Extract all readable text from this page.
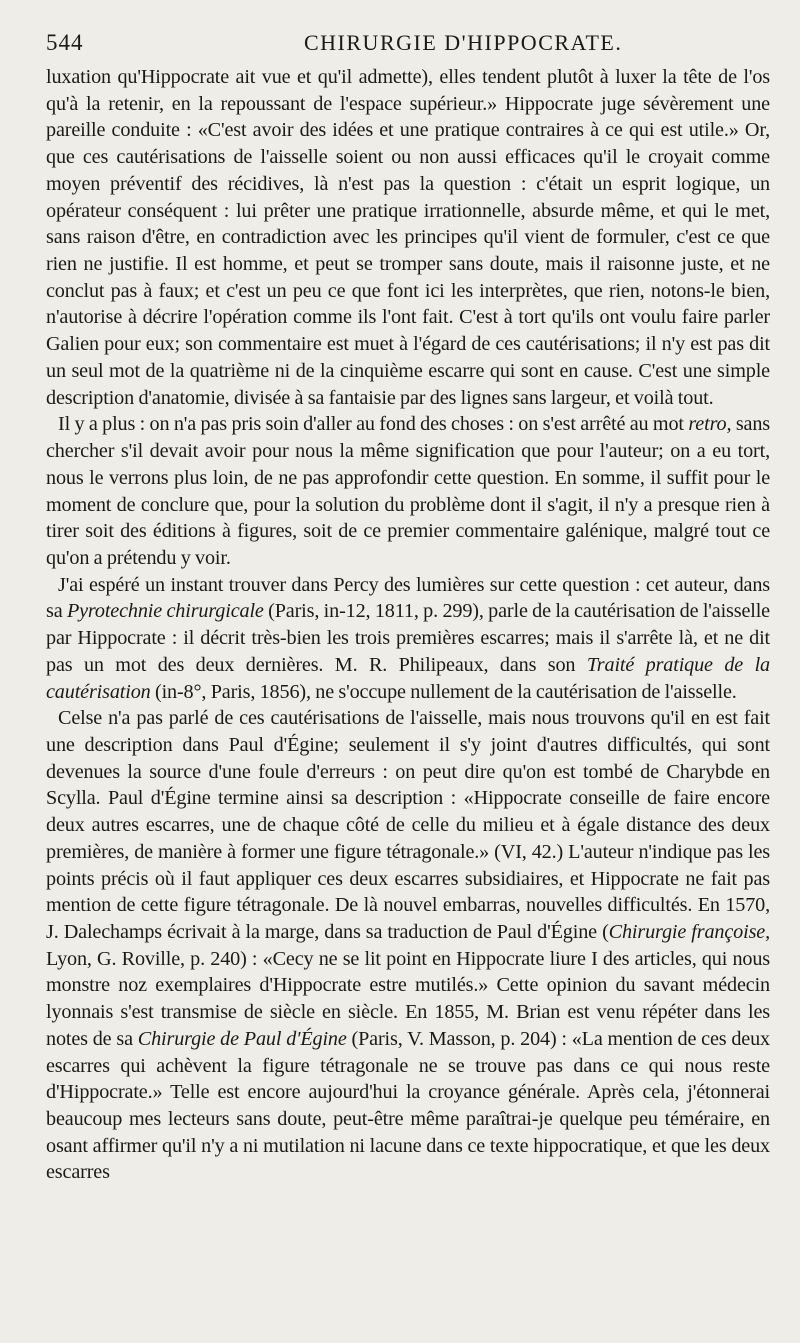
544	CHIRURGIE D'HIPPOCRATE.

luxation qu'Hippocrate ait vue et qu'il admette), elles tendent plutôt à luxer la tête de l'os qu'à la retenir, en la repoussant de l'espace supérieur.» Hippocrate juge sévèrement une pareille conduite : «C'est avoir des idées et une pratique contraires à ce qui est utile.» Or, que ces cautérisations de l'aisselle soient ou non aussi efficaces qu'il le croyait comme moyen préventif des récidives, là n'est pas la question : c'était un esprit logique, un opérateur conséquent : lui prêter une pratique irrationnelle, absurde même, et qui le met, sans raison d'être, en contradiction avec les principes qu'il vient de formuler, c'est ce que rien ne justifie. Il est homme, et peut se tromper sans doute, mais il raisonne juste, et ne conclut pas à faux; et c'est un peu ce que font ici les interprètes, que rien, notons-le bien, n'autorise à décrire l'opération comme ils l'ont fait. C'est à tort qu'ils ont voulu faire parler Galien pour eux; son commentaire est muet à l'égard de ces cautérisations; il n'y est pas dit un seul mot de la quatrième ni de la cinquième escarre qui sont en cause. C'est une simple description d'anatomie, divisée à sa fantaisie par des lignes sans largeur, et voilà tout.

Il y a plus : on n'a pas pris soin d'aller au fond des choses : on s'est arrêté au mot retro, sans chercher s'il devait avoir pour nous la même signification que pour l'auteur; on a eu tort, nous le verrons plus loin, de ne pas approfondir cette question. En somme, il suffit pour le moment de conclure que, pour la solution du problème dont il s'agit, il n'y a presque rien à tirer soit des éditions à figures, soit de ce premier commentaire galénique, malgré tout ce qu'on a prétendu y voir.

J'ai espéré un instant trouver dans Percy des lumières sur cette question : cet auteur, dans sa Pyrotechnie chirurgicale (Paris, in-12, 1811, p. 299), parle de la cautérisation de l'aisselle par Hippocrate : il décrit très-bien les trois premières escarres; mais il s'arrête là, et ne dit pas un mot des deux dernières. M. R. Philipeaux, dans son Traité pratique de la cautérisation (in-8°, Paris, 1856), ne s'occupe nullement de la cautérisation de l'aisselle.

Celse n'a pas parlé de ces cautérisations de l'aisselle, mais nous trouvons qu'il en est fait une description dans Paul d'Égine; seulement il s'y joint d'autres difficultés, qui sont devenues la source d'une foule d'erreurs : on peut dire qu'on est tombé de Charybde en Scylla. Paul d'Égine termine ainsi sa description : «Hippocrate conseille de faire encore deux autres escarres, une de chaque côté de celle du milieu et à égale distance des deux premières, de manière à former une figure tétragonale.» (VI, 42.) L'auteur n'indique pas les points précis où il faut appliquer ces deux escarres subsidiaires, et Hippocrate ne fait pas mention de cette figure tétragonale. De là nouvel embarras, nouvelles difficultés. En 1570, J. Dalechamps écrivait à la marge, dans sa traduction de Paul d'Égine (Chirurgie françoise, Lyon, G. Roville, p. 240) : «Cecy ne se lit point en Hippocrate liure I des articles, qui nous monstre noz exemplaires d'Hippocrate estre mutilés.» Cette opinion du savant médecin lyonnais s'est transmise de siècle en siècle. En 1855, M. Brian est venu répéter dans les notes de sa Chirurgie de Paul d'Égine (Paris, V. Masson, p. 204) : «La mention de ces deux escarres qui achèvent la figure tétragonale ne se trouve pas dans ce qui nous reste d'Hippocrate.» Telle est encore aujourd'hui la croyance générale. Après cela, j'étonnerai beaucoup mes lecteurs sans doute, peut-être même paraîtrai-je quelque peu téméraire, en osant affirmer qu'il n'y a ni mutilation ni lacune dans ce texte hippocratique, et que les deux escarres
